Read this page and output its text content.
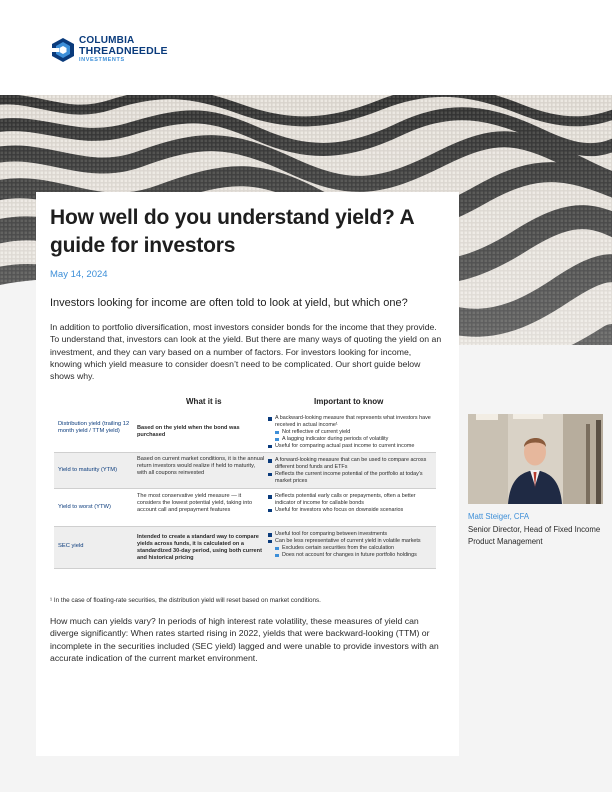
COLUMBIA
THREADNEEDLE
INVESTMENTS
How well do you understand yield? A guide for investors
May 14, 2024
Investors looking for income are often told to look at yield, but which one?

In addition to portfolio diversification, most investors consider bonds for the income that they provide. To understand that, investors can look at the yield. But there are many ways of quoting the yield on an investment, and they can vary based on a number of factors. For investors looking for income, knowing which yield measure to consider doesn’t need to be complicated. Our short guide below shows why.

What it is	Important to know
Distribution yield (trailing 12 month yield / TTM yield)	Based on the yield when the bond was purchased
A backward-looking measure that represents what investors have received in actual income¹
Not reflective of current yield
A lagging indicator during periods of volatility
Useful for comparing actual past income to current income
Yield to maturity (YTM)
Based on current market conditions, it is the annual return investors would realize if held to maturity, with all coupons reinvested
A forward-looking measure that can be used to compare across different bond funds and ETFs
Reflects the current income potential of the portfolio at today’s market prices
Yield to worst (YTW)
The most conservative yield measure — it considers the lowest potential yield, taking into account call and prepayment features
Reflects potential early calls or prepayments, often a better indicator of income for callable bonds
Useful for investors who focus on downside scenarios
SEC yield
Intended to create a standard way to compare yields across funds, it is calculated on a standardized 30-day period, using both current and historical pricing
Useful tool for comparing between investments
Can be less representative of current yield in volatile markets
Excludes certain securities from the calculation
Does not account for changes in future portfolio holdings
¹ In the case of floating-rate securities, the distribution yield will reset based on market conditions.

How much can yields vary? In periods of high interest rate volatility, these measures of yield can diverge significantly: When rates started rising in 2022, yields that were backward-looking (TTM) or incomplete in the securities included (SEC yield) lagged and were unable to provide investors with an accurate indication of the current market environment.

Matt Steiger, CFA
Senior Director, Head of Fixed Income Product Management
